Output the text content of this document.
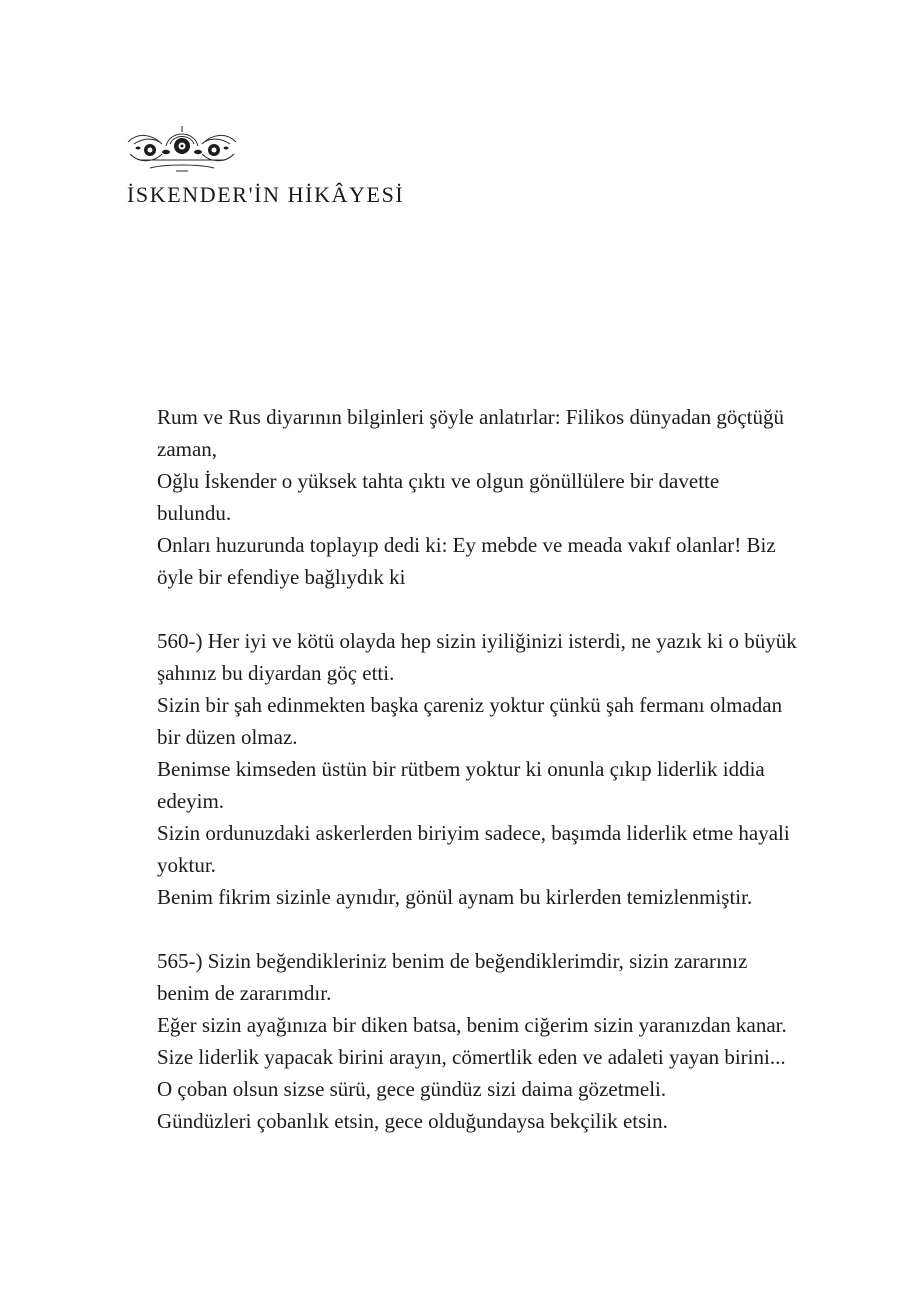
İSKENDER'İN HİKÂYESİ

Rum ve Rus diyarının bilginleri şöyle anlatırlar: Filikos dünyadan göçtüğü zaman,
Oğlu İskender o yüksek tahta çıktı ve olgun gönüllülere bir davette bulundu.
Onları huzurunda toplayıp dedi ki: Ey mebde ve meada vakıf olanlar! Biz öyle bir efendiye bağlıydık ki

560-) Her iyi ve kötü olayda hep sizin iyiliğinizi isterdi, ne yazık ki o büyük şahınız bu diyardan göç etti.
Sizin bir şah edinmekten başka çareniz yoktur çünkü şah fermanı olmadan bir düzen olmaz.
Benimse kimseden üstün bir rütbem yoktur ki onunla çıkıp liderlik iddia edeyim.
Sizin ordunuzdaki askerlerden biriyim sadece, başımda liderlik etme hayali yoktur.
Benim fikrim sizinle aynıdır, gönül aynam bu kirlerden temizlenmiştir.

565-) Sizin beğendikleriniz benim de beğendiklerimdir, sizin zararınız benim de zararımdır.
Eğer sizin ayağınıza bir diken batsa, benim ciğerim sizin yaranızdan kanar.
Size liderlik yapacak birini arayın, cömertlik eden ve adaleti yayan birini...
O çoban olsun sizse sürü, gece gündüz sizi daima gözetmeli.
Gündüzleri çobanlık etsin, gece olduğundaysa bekçilik etsin.
